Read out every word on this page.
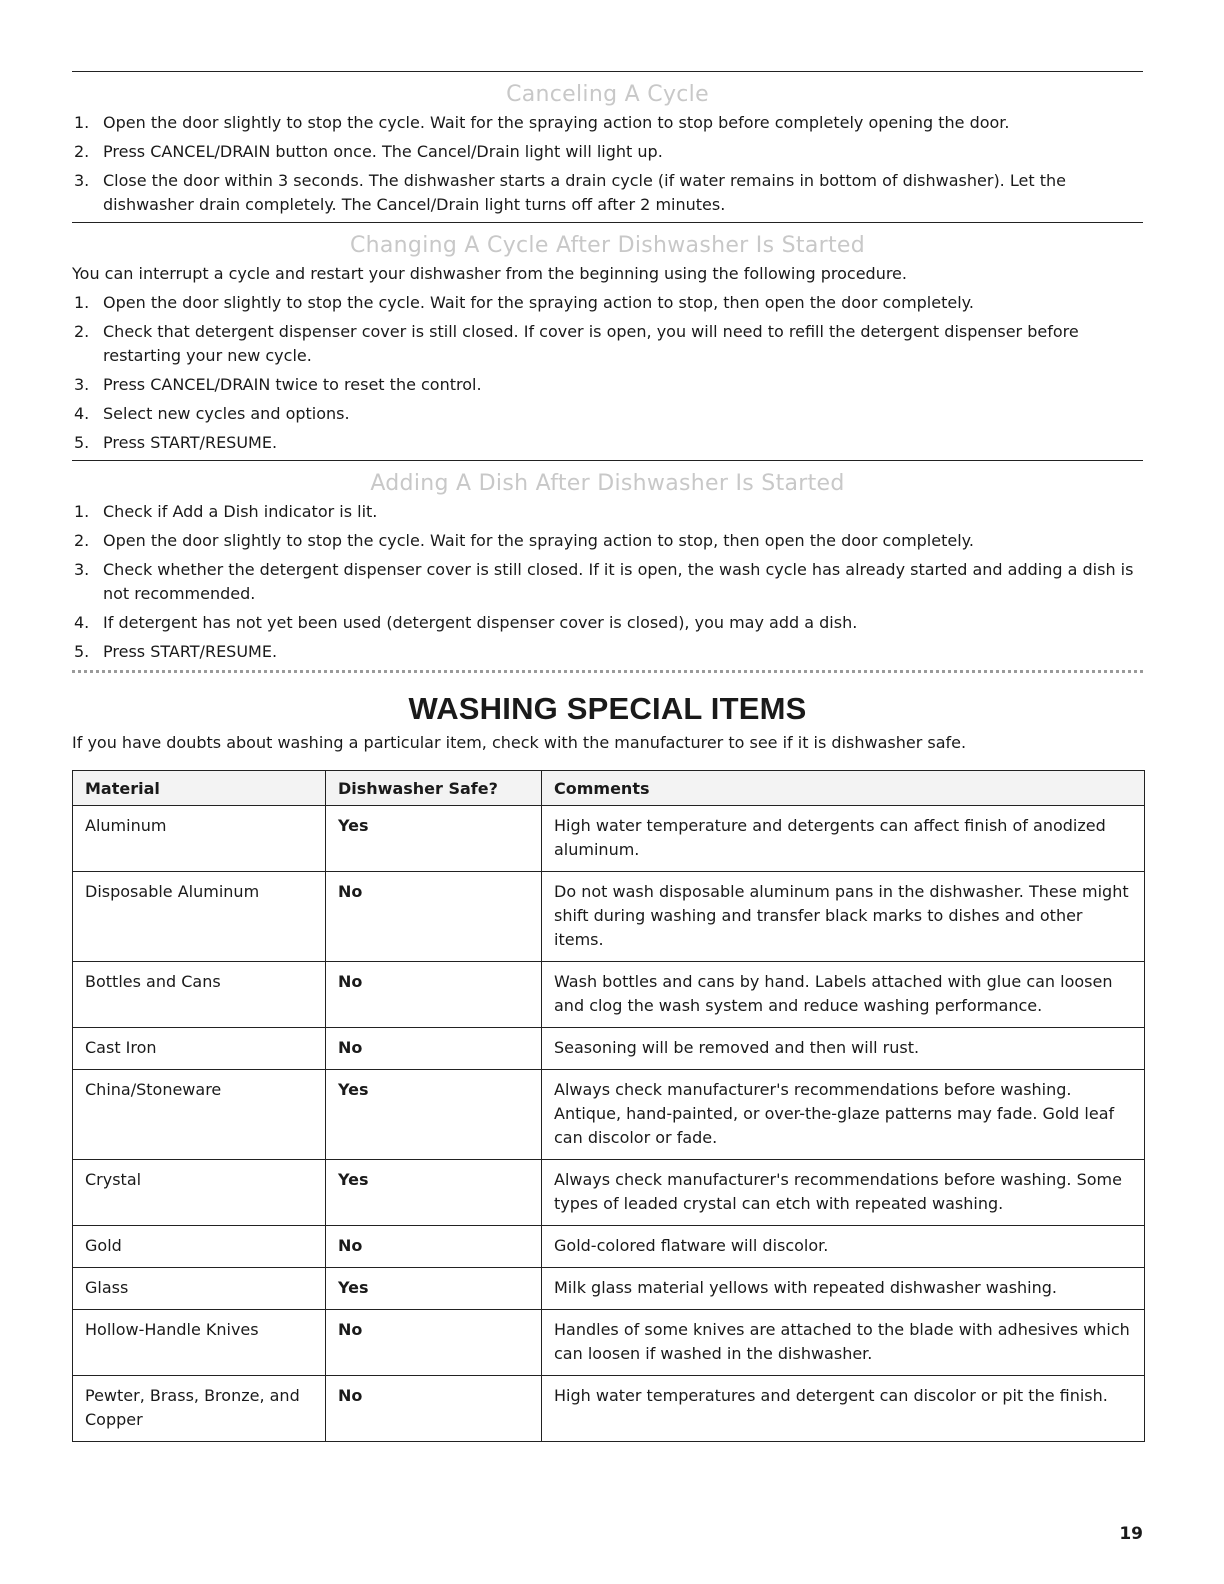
Canceling A Cycle
1. Open the door slightly to stop the cycle. Wait for the spraying action to stop before completely opening the door.
2. Press CANCEL/DRAIN button once. The Cancel/Drain light will light up.
3. Close the door within 3 seconds. The dishwasher starts a drain cycle (if water remains in bottom of dishwasher). Let the dishwasher drain completely. The Cancel/Drain light turns off after 2 minutes.
Changing A Cycle After Dishwasher Is Started
You can interrupt a cycle and restart your dishwasher from the beginning using the following procedure.
1. Open the door slightly to stop the cycle. Wait for the spraying action to stop, then open the door completely.
2. Check that detergent dispenser cover is still closed. If cover is open, you will need to refill the detergent dispenser before restarting your new cycle.
3. Press CANCEL/DRAIN twice to reset the control.
4. Select new cycles and options.
5. Press START/RESUME.
Adding A Dish After Dishwasher Is Started
1. Check if Add a Dish indicator is lit.
2. Open the door slightly to stop the cycle. Wait for the spraying action to stop, then open the door completely.
3. Check whether the detergent dispenser cover is still closed. If it is open, the wash cycle has already started and adding a dish is not recommended.
4. If detergent has not yet been used (detergent dispenser cover is closed), you may add a dish.
5. Press START/RESUME.
WASHING SPECIAL ITEMS
If you have doubts about washing a particular item, check with the manufacturer to see if it is dishwasher safe.
Material	Dishwasher Safe?	Comments
Aluminum	Yes	High water temperature and detergents can affect finish of anodized aluminum.
Disposable Aluminum	No	Do not wash disposable aluminum pans in the dishwasher. These might shift during washing and transfer black marks to dishes and other items.
Bottles and Cans	No	Wash bottles and cans by hand. Labels attached with glue can loosen and clog the wash system and reduce washing performance.
Cast Iron	No	Seasoning will be removed and then will rust.
China/Stoneware	Yes	Always check manufacturer's recommendations before washing. Antique, hand-painted, or over-the-glaze patterns may fade. Gold leaf can discolor or fade.
Crystal	Yes	Always check manufacturer's recommendations before washing. Some types of leaded crystal can etch with repeated washing.
Gold	No	Gold-colored flatware will discolor.
Glass	Yes	Milk glass material yellows with repeated dishwasher washing.
Hollow-Handle Knives	No	Handles of some knives are attached to the blade with adhesives which can loosen if washed in the dishwasher.
Pewter, Brass, Bronze, and Copper	No	High water temperatures and detergent can discolor or pit the finish.
19
